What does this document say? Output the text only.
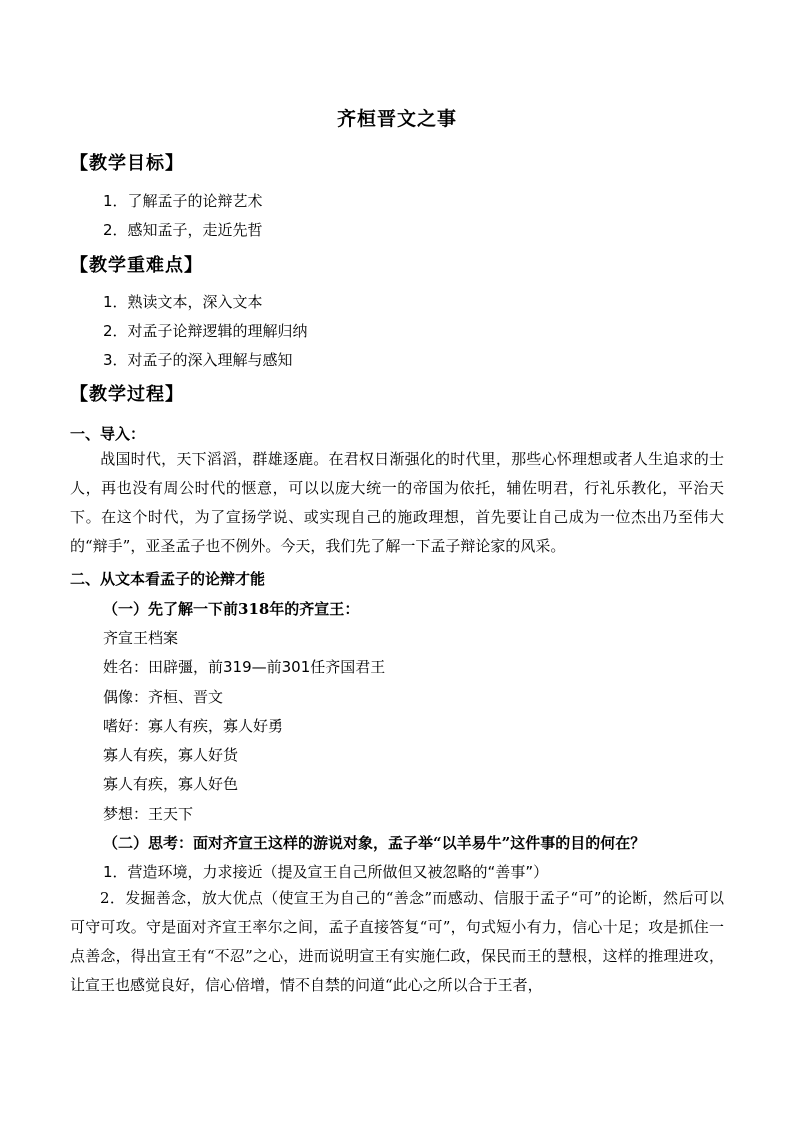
齐桓晋文之事
【教学目标】
1．了解孟子的论辩艺术
2．感知孟子，走近先哲
【教学重难点】
1．熟读文本，深入文本
2．对孟子论辩逻辑的理解归纳
3．对孟子的深入理解与感知
【教学过程】
一、导入：
战国时代，天下滔滔，群雄逐鹿。在君权日渐强化的时代里，那些心怀理想或者人生追求的士人，再也没有周公时代的惬意，可以以庞大统一的帝国为依托，辅佐明君，行礼乐教化，平治天下。在这个时代，为了宣扬学说、或实现自己的施政理想，首先要让自己成为一位杰出乃至伟大的“辩手”，亚圣孟子也不例外。今天，我们先了解一下孟子辩论家的风采。
二、从文本看孟子的论辩才能
（一）先了解一下前318年的齐宣王：
齐宣王档案
姓名：田辟彊，前319—前301任齐国君王
偶像：齐桓、晋文
嗜好：寡人有疾，寡人好勇
寡人有疾，寡人好货
寡人有疾，寡人好色
梦想：王天下
（二）思考：面对齐宣王这样的游说对象，孟子举“以羊易牛”这件事的目的何在？
1．营造环境，力求接近（提及宣王自己所做但又被忽略的“善事”）
2．发掘善念，放大优点（使宣王为自己的“善念”而感动、信服于孟子“可”的论断，然后可以可守可攻。守是面对齐宣王率尔之间，孟子直接答复“可”，句式短小有力，信心十足；攻是抓住一点善念，得出宣王有“不忍”之心，进而说明宣王有实施仁政，保民而王的慧根，这样的推理进攻，让宣王也感觉良好，信心倍增，情不自禁的问道“此心之所以合于王者，
